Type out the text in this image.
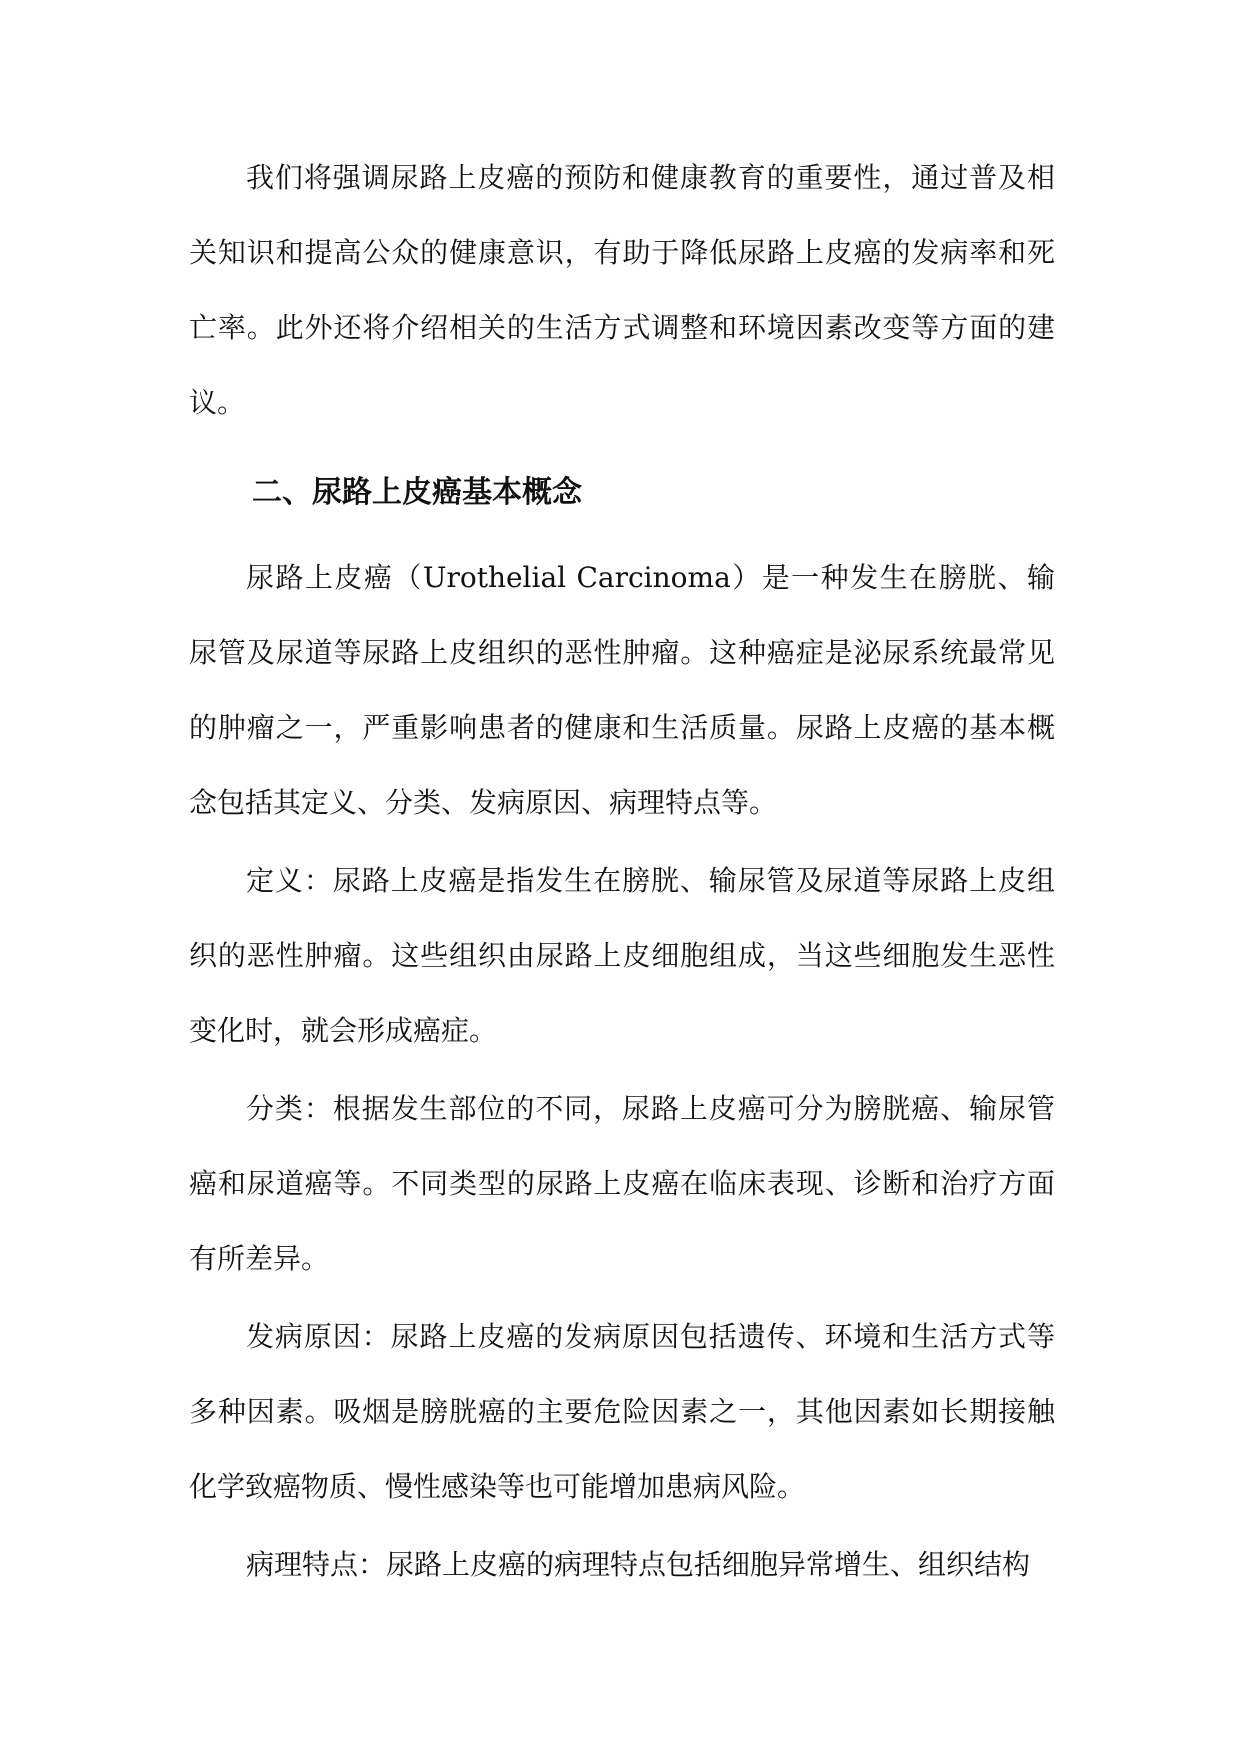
我们将强调尿路上皮癌的预防和健康教育的重要性，通过普及相关知识和提高公众的健康意识，有助于降低尿路上皮癌的发病率和死亡率。此外还将介绍相关的生活方式调整和环境因素改变等方面的建议。

二、尿路上皮癌基本概念

尿路上皮癌（Urothelial Carcinoma）是一种发生在膀胱、输尿管及尿道等尿路上皮组织的恶性肿瘤。这种癌症是泌尿系统最常见的肿瘤之一，严重影响患者的健康和生活质量。尿路上皮癌的基本概念包括其定义、分类、发病原因、病理特点等。

定义：尿路上皮癌是指发生在膀胱、输尿管及尿道等尿路上皮组织的恶性肿瘤。这些组织由尿路上皮细胞组成，当这些细胞发生恶性变化时，就会形成癌症。

分类：根据发生部位的不同，尿路上皮癌可分为膀胱癌、输尿管癌和尿道癌等。不同类型的尿路上皮癌在临床表现、诊断和治疗方面有所差异。

发病原因：尿路上皮癌的发病原因包括遗传、环境和生活方式等多种因素。吸烟是膀胱癌的主要危险因素之一，其他因素如长期接触化学致癌物质、慢性感染等也可能增加患病风险。

病理特点：尿路上皮癌的病理特点包括细胞异常增生、组织结构
